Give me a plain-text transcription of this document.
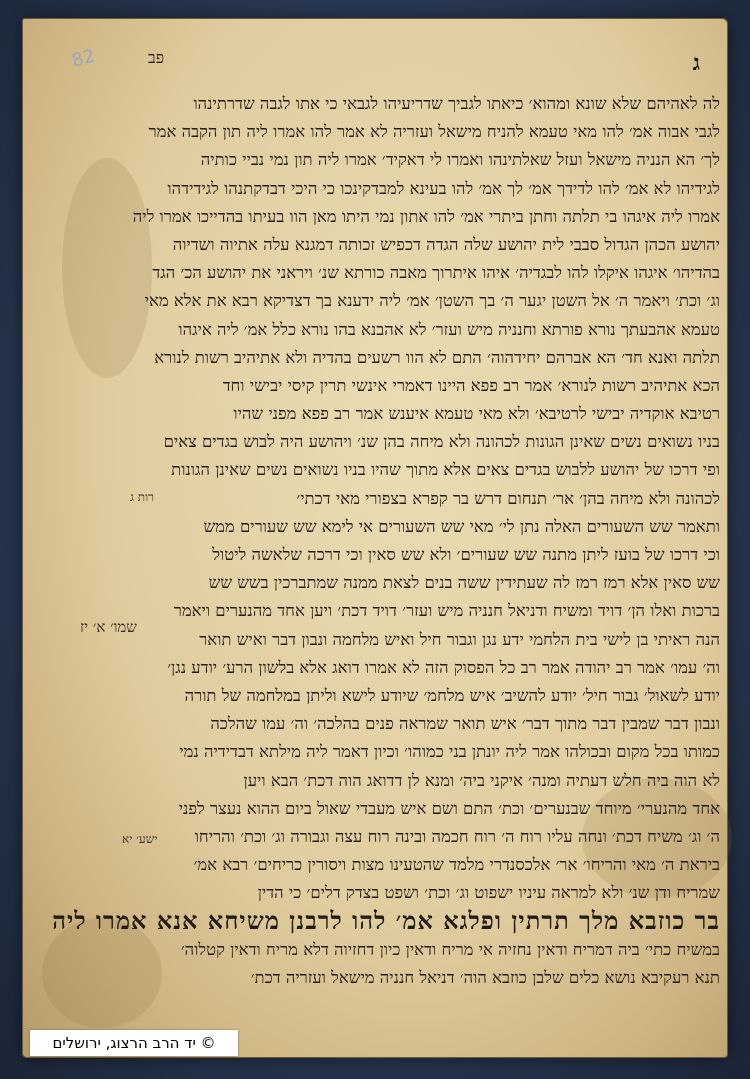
82	פב	ג
לה לאהיהם שלא שונא ומהוא׳ כיאתו לגביך שדריעיהו לגבאי כי אתו לגבה שדרתינהו
לגבי אבוה אמ׳ להו מאי טעמא להניח מישאל ועזריה לא אמר להו אמרו ליה תון הקבה אמר
לך׳ הא הנניה מישאל ועזל שאלתינהו ואמרו לי דאקיד׳ אמרו ליה תון נמי נביי כותיה
לגידיהו לא אמ׳ להו לדידך אמ׳ לך אמ׳ להו בעינא למבדקינכו כי היכי דבדקתנהו לגידידהו
אמרו ליה איגהו בי תלתה וחתן ביתרי אמ׳ להו אתון נמי היתו מאן הוו בעיתו בהדייכו אמרו ליה
יהושע הכהן הגדול סבבי לית יהושע שלה הגדה דכפיש זכותה דמגנא עלה אתיוה ושדיוה
בהדיהו׳ איגהו איקלו להו לבגדיה׳ איהו איתרוך מאבה כורתא שנ׳ ויראני את יהושע הכ׳ הגד
וג׳ וכת׳ ויאמר ה׳ אל השטן יגער ה׳ בך השטן׳ אמ׳ ליה ידענא בך דצדיקא רבא את אלא מאי
טעמא אהבעתך נורא פורתא וחנניה מיש ועזר׳ לא אהבנא בהו נורא כלל אמ׳ ליה איגהו
תלתה ואנא חד׳ הא אברהם יחידהוה׳ התם לא הוו רשעים בהדיה ולא אתיהיב רשות לנורא
הכא אתיהיב רשות לנורא׳ אמר רב פפא היינו דאמרי אינשי תרין קיסי יבישי וחד
רטיבא אוקדיה יבישי לרטיבא׳ ולא מאי טעמא איענש אמר רב פפא מפני שהיו
בניו נשואים נשים שאינן הגונות לכהונה ולא מיחה בהן שנ׳ ויהושע היה לבוש בגדים צאים
ופי דרכו של יהושע ללבוש בגדים צאים אלא מתוך שהיו בניו נשואים נשים שאינן הגונות
לכהונה ולא מיחה בהן׳ אר׳ תנחום דרש בר קפרא בצפורי מאי דכתי׳
ותאמר שש השעורים האלה נתן לי׳ מאי שש השעורים אי לימא שש שעורים ממש
וכי דרכו של בועז ליתן מתנה שש שעורים׳ ולא שש סאין וכי דרכה שלאשה ליטול
שש סאין אלא רמז רמז לה שעתידין ששה בנים לצאת ממנה שמתברכין בשש שש
ברכות ואלו הן׳ דויד ומשיח ודניאל חנניה מיש ועזר׳ דויד דכת׳ ויען אחד מהנערים ויאמר
הנה ראיתי בן לישי בית הלחמי ידע נגן וגבור חיל ואיש מלחמה ונבון דבר ואיש תואר
וה׳ עמו׳ אמר רב יהודה אמר רב כל הפסוק הזה לא אמרו דואג אלא בלשון הרע׳ יודע נגן׳
יודע לשאול׳ גבור חיל׳ יודע להשיב׳ איש מלחמ׳ שיודע לישא וליתן במלחמה של תורה
ונבון דבר שמבין דבר מתוך דבר׳ איש תואר שמראה פנים בהלכה׳ וה׳ עמו שהלכה
כמותו בכל מקום ובכולהו אמר ליה יונתן בני כמוהו׳ וכיון דאמר ליה מילתא דבדידיה נמי
לא הוה ביה חלש דעתיה ומנה׳ איקני ביה׳ ומנא לן דדואג הוה דכת׳ הבא ויען
אחד מהנערי׳ מיוחד שבנערים׳ וכת׳ התם ושם איש מעבדי שאול ביום ההוא נעצר לפני
ה׳ וג׳ משיח דכת׳ ונחה עליו רוח ה׳ רוח חכמה ובינה רוח עצה וגבורה וג׳ וכת׳ והריחו
ביראת ה׳ מאי והריחו׳ אר׳ אלכסנדרי מלמד שהטעינו מצות ויסורין כריחים׳ רבא אמ׳
שמריח ודן שנ׳ ולא למראה עיניו ישפוט וג׳ וכת׳ ושפט בצדק דלים׳ כי הדין
בר כוזבא מלך תרתין ופלגא אמ׳ להו לרבנן משיחא אנא אמרו ליה
במשיח כתי׳ ביה דמריח ודאין נחזיה אי מריח ודאין כיון דחזיוה דלא מריח ודאין קטלוה׳
תנא רעקיבא נושא כלים שלבן כוזבא הוה׳ דניאל חנניה מישאל ועזריה דכת׳
רות ג
שמו׳ א׳ יז
ישע׳ יא
© יד הרב הרצוג, ירושלים
